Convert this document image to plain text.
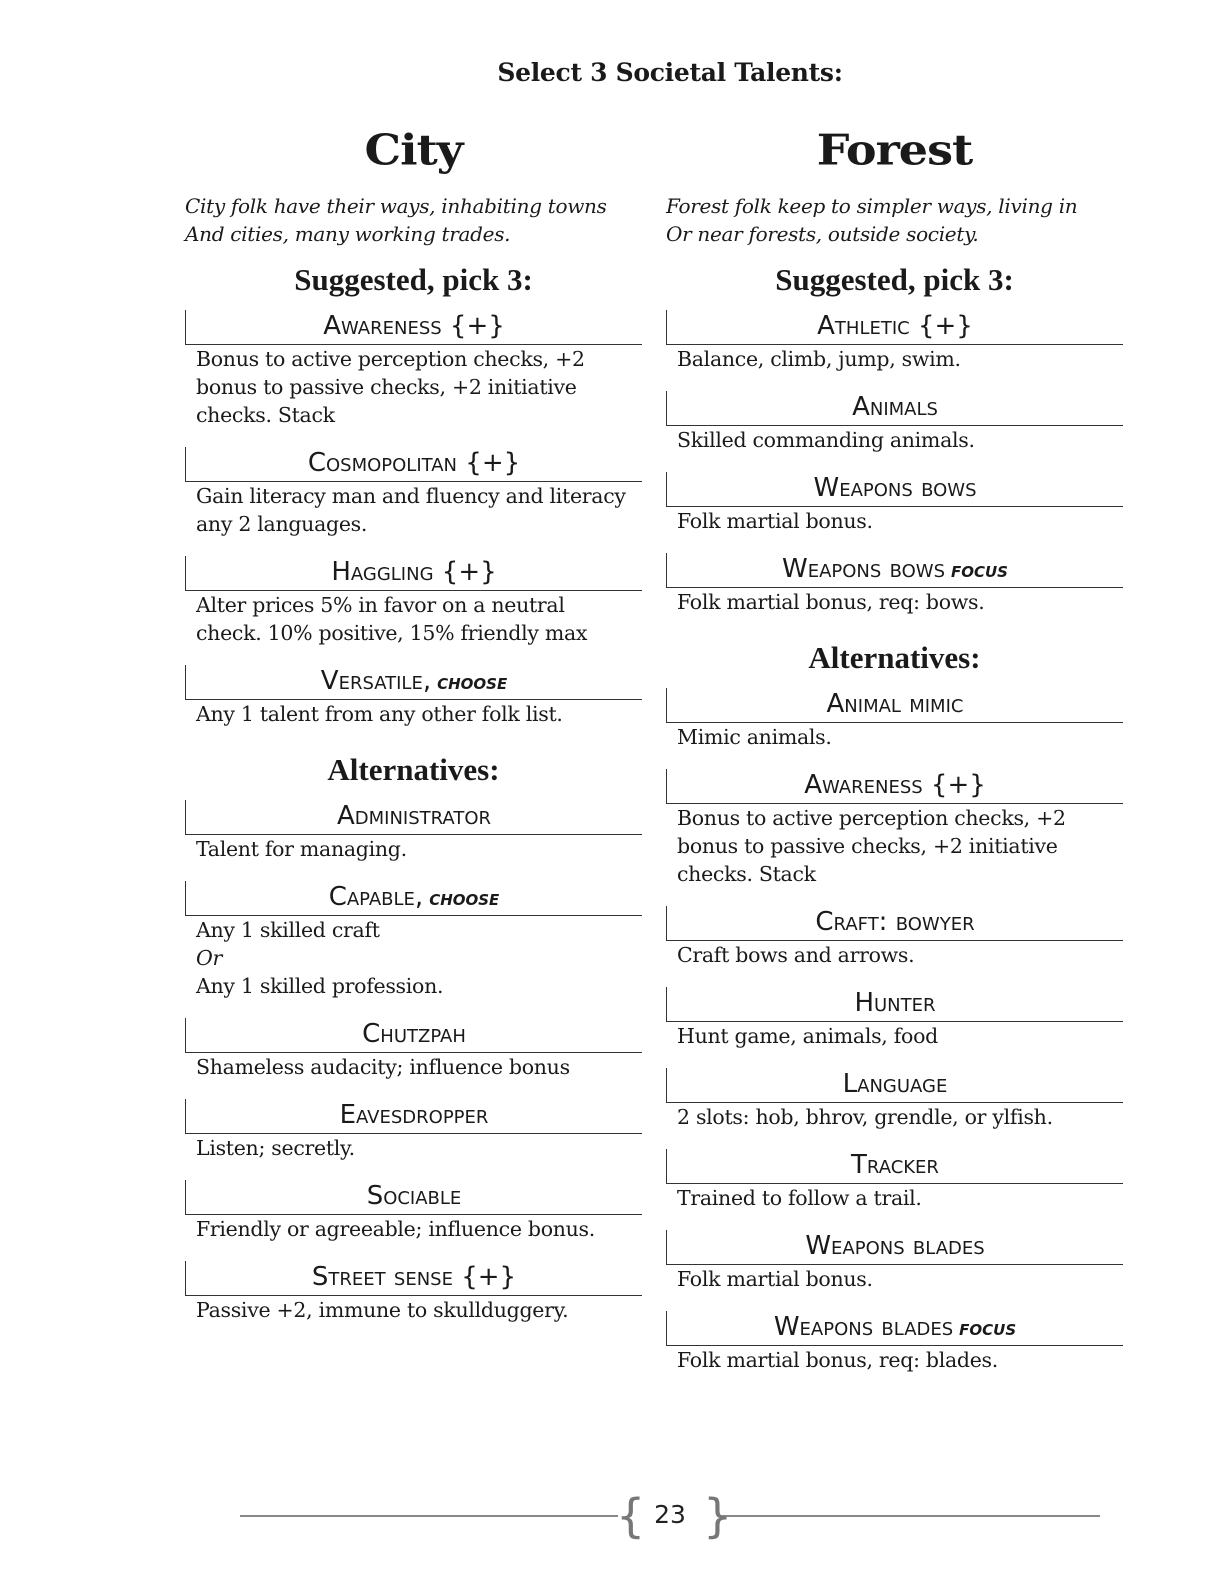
Select 3 Societal Talents:
City
City folk have their ways, inhabiting towns
And cities, many working trades.
Suggested, pick 3:
Awareness {+}
Bonus to active perception checks, +2
bonus to passive checks, +2 initiative
checks. Stack
Cosmopolitan {+}
Gain literacy man and fluency and literacy
any 2 languages.
Haggling {+}
Alter prices 5% in favor on a neutral
check. 10% positive, 15% friendly max
Versatile, choose
Any 1 talent from any other folk list.
Alternatives:
Administrator
Talent for managing.
Capable, choose
Any 1 skilled craft
Or
Any 1 skilled profession.
Chutzpah
Shameless audacity; influence bonus
Eavesdropper
Listen; secretly.
Sociable
Friendly or agreeable; influence bonus.
Street sense {+}
Passive +2, immune to skullduggery.
Forest
Forest folk keep to simpler ways, living in
Or near forests, outside society.
Suggested, pick 3:
Athletic {+}
Balance, climb, jump, swim.
Animals
Skilled commanding animals.
Weapons bows
Folk martial bonus.
Weapons bows focus
Folk martial bonus, req: bows.
Alternatives:
Animal mimic
Mimic animals.
Awareness {+}
Bonus to active perception checks, +2
bonus to passive checks, +2 initiative
checks. Stack
Craft: bowyer
Craft bows and arrows.
Hunter
Hunt game, animals, food
Language
2 slots: hob, bhrov, grendle, or ylfish.
Tracker
Trained to follow a trail.
Weapons blades
Folk martial bonus.
Weapons blades focus
Folk martial bonus, req: blades.
{ }
23
